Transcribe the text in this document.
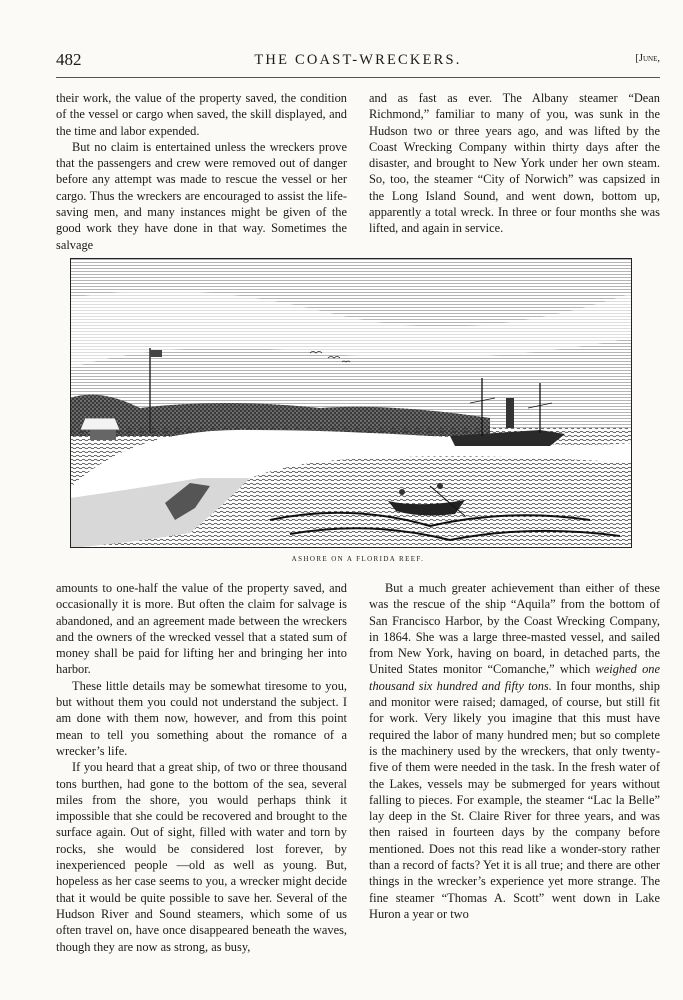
482	THE COAST-WRECKERS.	[June,

their work, the value of the property saved, the condition of the vessel or cargo when saved, the skill displayed, and the time and labor expended.

But no claim is entertained unless the wreckers prove that the passengers and crew were removed out of danger before any attempt was made to rescue the vessel or her cargo. Thus the wreckers are encouraged to assist the life-saving men, and many instances might be given of the good work they have done in that way. Sometimes the salvage

and as fast as ever. The Albany steamer “Dean Richmond,” familiar to many of you, was sunk in the Hudson two or three years ago, and was lifted by the Coast Wrecking Company within thirty days after the disaster, and brought to New York under her own steam. So, too, the steamer “City of Norwich” was capsized in the Long Island Sound, and went down, bottom up, apparently a total wreck. In three or four months she was lifted, and again in service.

ASHORE ON A FLORIDA REEF.

amounts to one-half the value of the property saved, and occasionally it is more. But often the claim for salvage is abandoned, and an agreement made between the wreckers and the owners of the wrecked vessel that a stated sum of money shall be paid for lifting her and bringing her into harbor.

These little details may be somewhat tiresome to you, but without them you could not understand the subject. I am done with them now, however, and from this point mean to tell you something about the romance of a wrecker’s life.

If you heard that a great ship, of two or three thousand tons burthen, had gone to the bottom of the sea, several miles from the shore, you would perhaps think it impossible that she could be recovered and brought to the surface again. Out of sight, filled with water and torn by rocks, she would be considered lost forever, by inexperienced people —old as well as young. But, hopeless as her case seems to you, a wrecker might decide that it would be quite possible to save her. Several of the Hudson River and Sound steamers, which some of us often travel on, have once disappeared beneath the waves, though they are now as strong, as busy,

But a much greater achievement than either of these was the rescue of the ship “Aquila” from the bottom of San Francisco Harbor, by the Coast Wrecking Company, in 1864. She was a large three-masted vessel, and sailed from New York, having on board, in detached parts, the United States monitor “Comanche,” which weighed one thousand six hundred and fifty tons. In four months, ship and monitor were raised; damaged, of course, but still fit for work. Very likely you imagine that this must have required the labor of many hundred men; but so complete is the machinery used by the wreckers, that only twenty-five of them were needed in the task. In the fresh water of the Lakes, vessels may be submerged for years without falling to pieces. For example, the steamer “Lac la Belle” lay deep in the St. Claire River for three years, and was then raised in fourteen days by the company before mentioned. Does not this read like a wonder-story rather than a record of facts? Yet it is all true; and there are other things in the wrecker’s experience yet more strange. The fine steamer “Thomas A. Scott” went down in Lake Huron a year or two
